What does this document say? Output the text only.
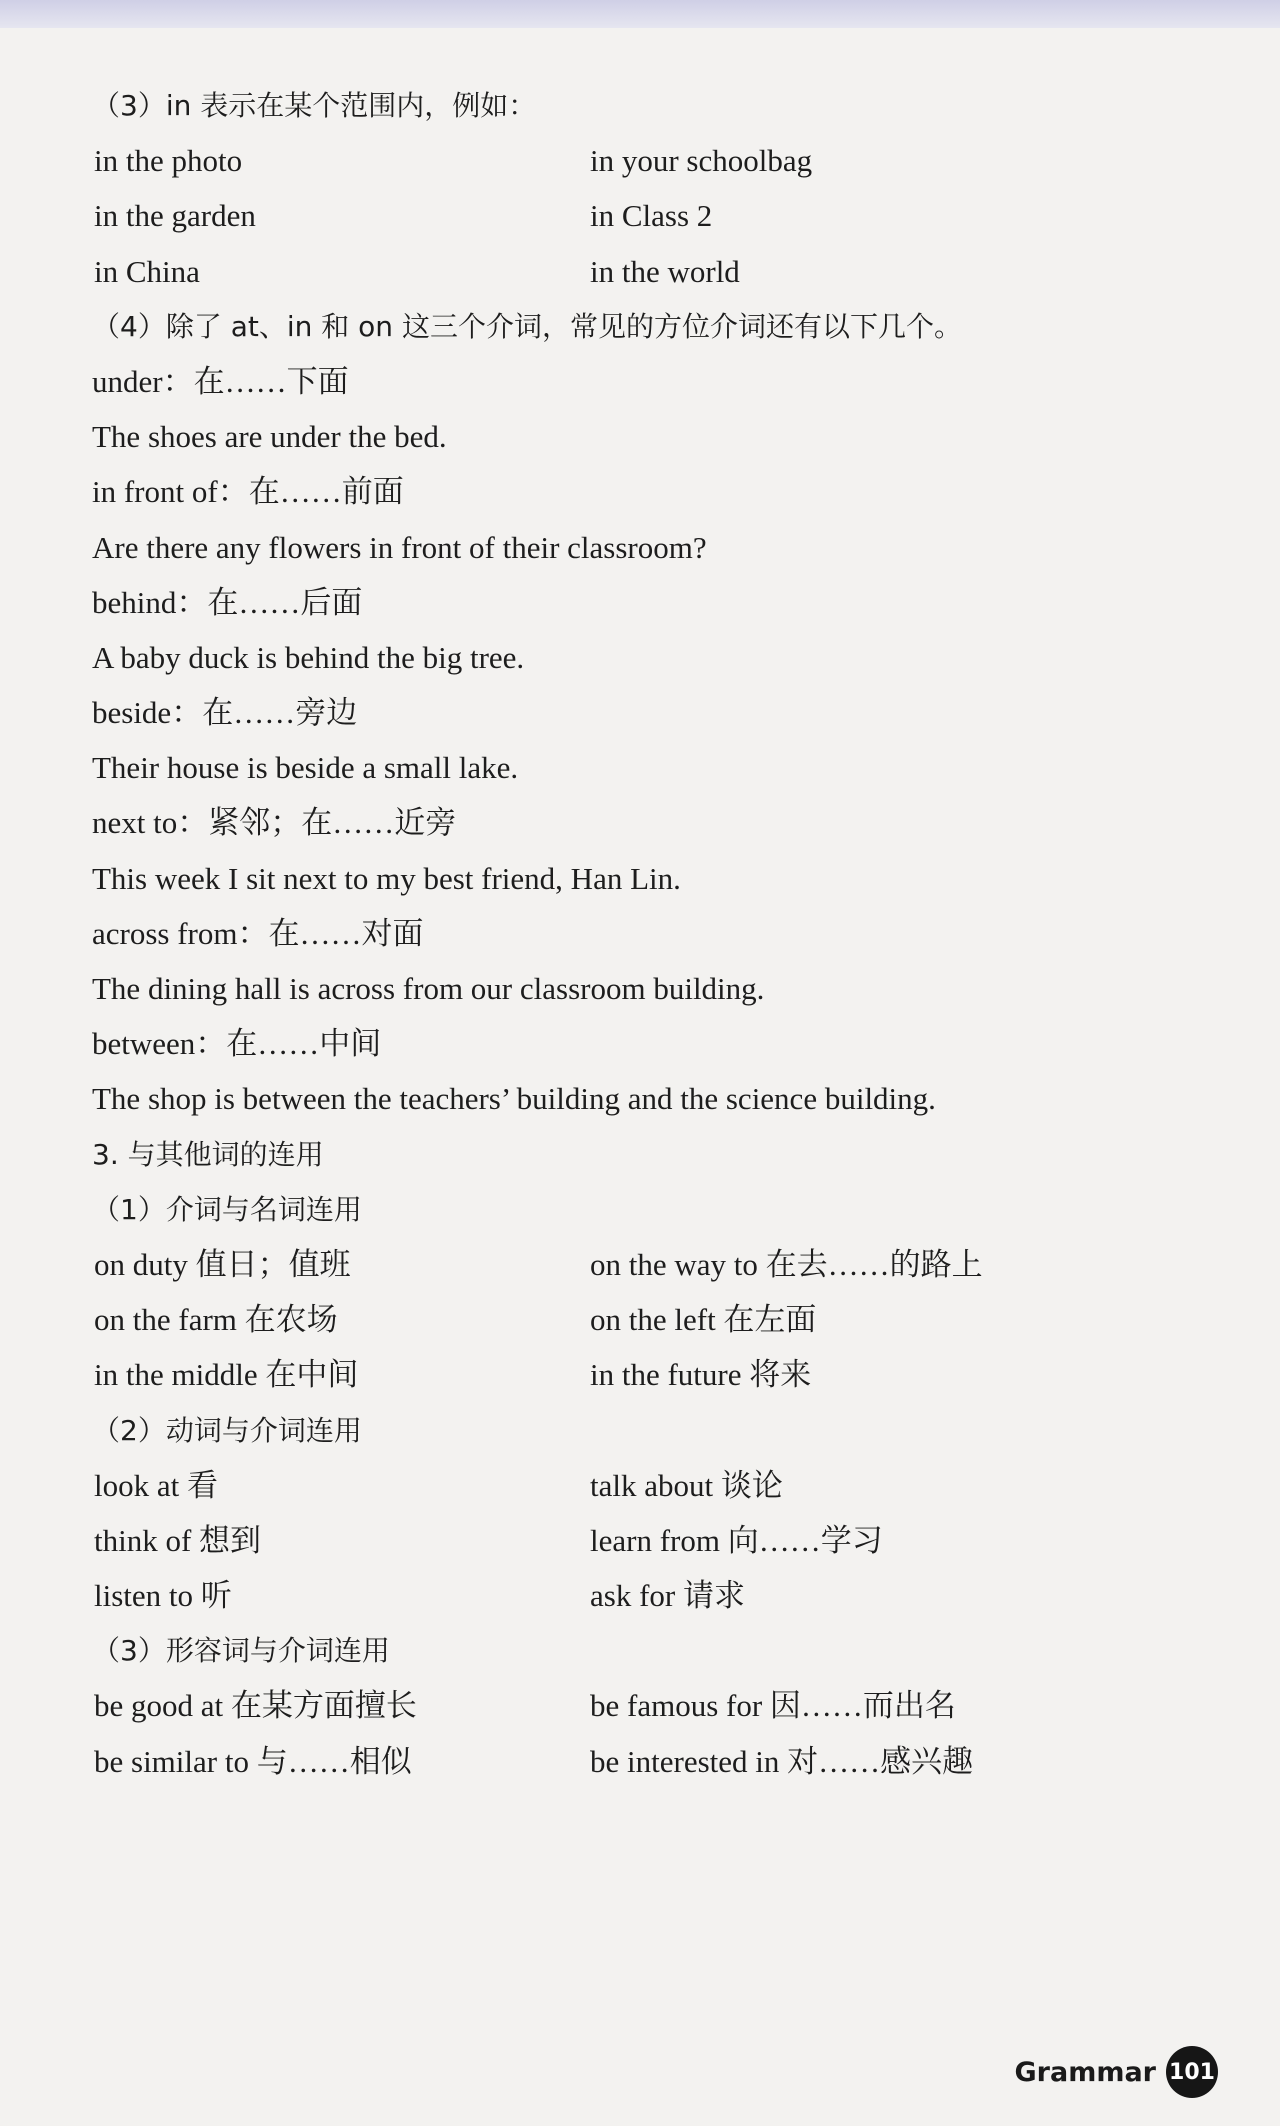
（3）in 表示在某个范围内，例如：
in the photo	in your schoolbag
in the garden	in Class 2
in China	in the world
（4）除了 at、in 和 on 这三个介词，常见的方位介词还有以下几个。
under：在……下面
The shoes are under the bed.
in front of：在……前面
Are there any flowers in front of their classroom?
behind：在……后面
A baby duck is behind the big tree.
beside：在……旁边
Their house is beside a small lake.
next to：紧邻；在……近旁
This week I sit next to my best friend, Han Lin.
across from：在……对面
The dining hall is across from our classroom building.
between：在……中间
The shop is between the teachers’ building and the science building.
3. 与其他词的连用
（1）介词与名词连用
on duty 值日；值班	on the way to 在去……的路上
on the farm 在农场	on the left 在左面
in the middle 在中间	in the future 将来
（2）动词与介词连用
look at 看	talk about 谈论
think of 想到	learn from 向……学习
listen to 听	ask for 请求
（3）形容词与介词连用
be good at 在某方面擅长	be famous for 因……而出名
be similar to 与……相似	be interested in 对……感兴趣
Grammar 101
